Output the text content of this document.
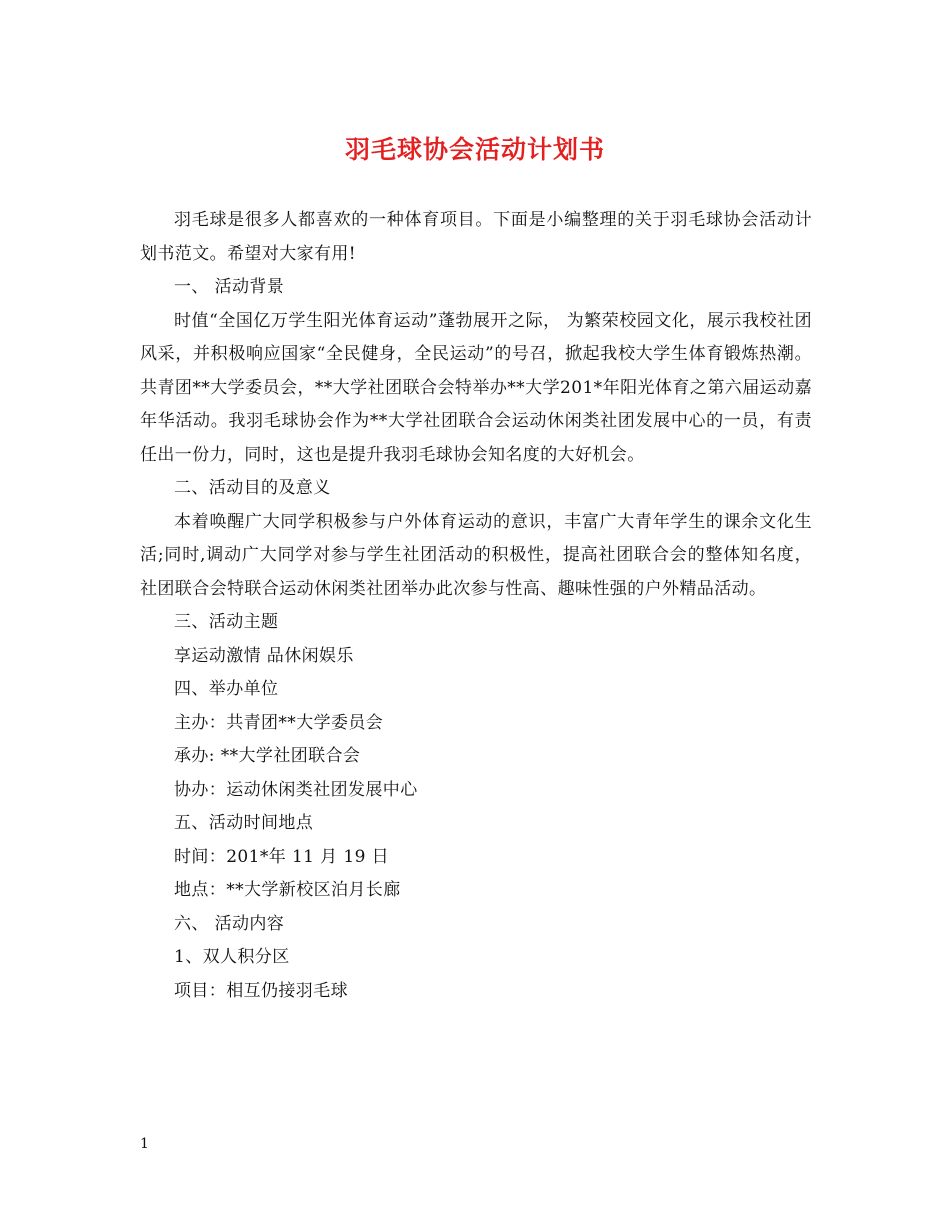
羽毛球协会活动计划书

羽毛球是很多人都喜欢的一种体育项目。下面是小编整理的关于羽毛球协会活动计划书范文。希望对大家有用!

一、 活动背景

时值“全国亿万学生阳光体育运动”蓬勃展开之际， 为繁荣校园文化，展示我校社团风采，并积极响应国家“全民健身，全民运动”的号召，掀起我校大学生体育锻炼热潮。共青团**大学委员会，**大学社团联合会特举办**大学201*年阳光体育之第六届运动嘉年华活动。我羽毛球协会作为**大学社团联合会运动休闲类社团发展中心的一员，有责任出一份力，同时，这也是提升我羽毛球协会知名度的大好机会。

二、活动目的及意义

本着唤醒广大同学积极参与户外体育运动的意识，丰富广大青年学生的课余文化生活;同时,调动广大同学对参与学生社团活动的积极性，提高社团联合会的整体知名度，社团联合会特联合运动休闲类社团举办此次参与性高、趣味性强的户外精品活动。

三、活动主题

享运动激情 品休闲娱乐

四、举办单位

主办：共青团**大学委员会

承办: **大学社团联合会

协办：运动休闲类社团发展中心

五、活动时间地点

时间：201*年 11 月 19 日

地点：**大学新校区泊月长廊

六、 活动内容

1、双人积分区

项目：相互仍接羽毛球

1
